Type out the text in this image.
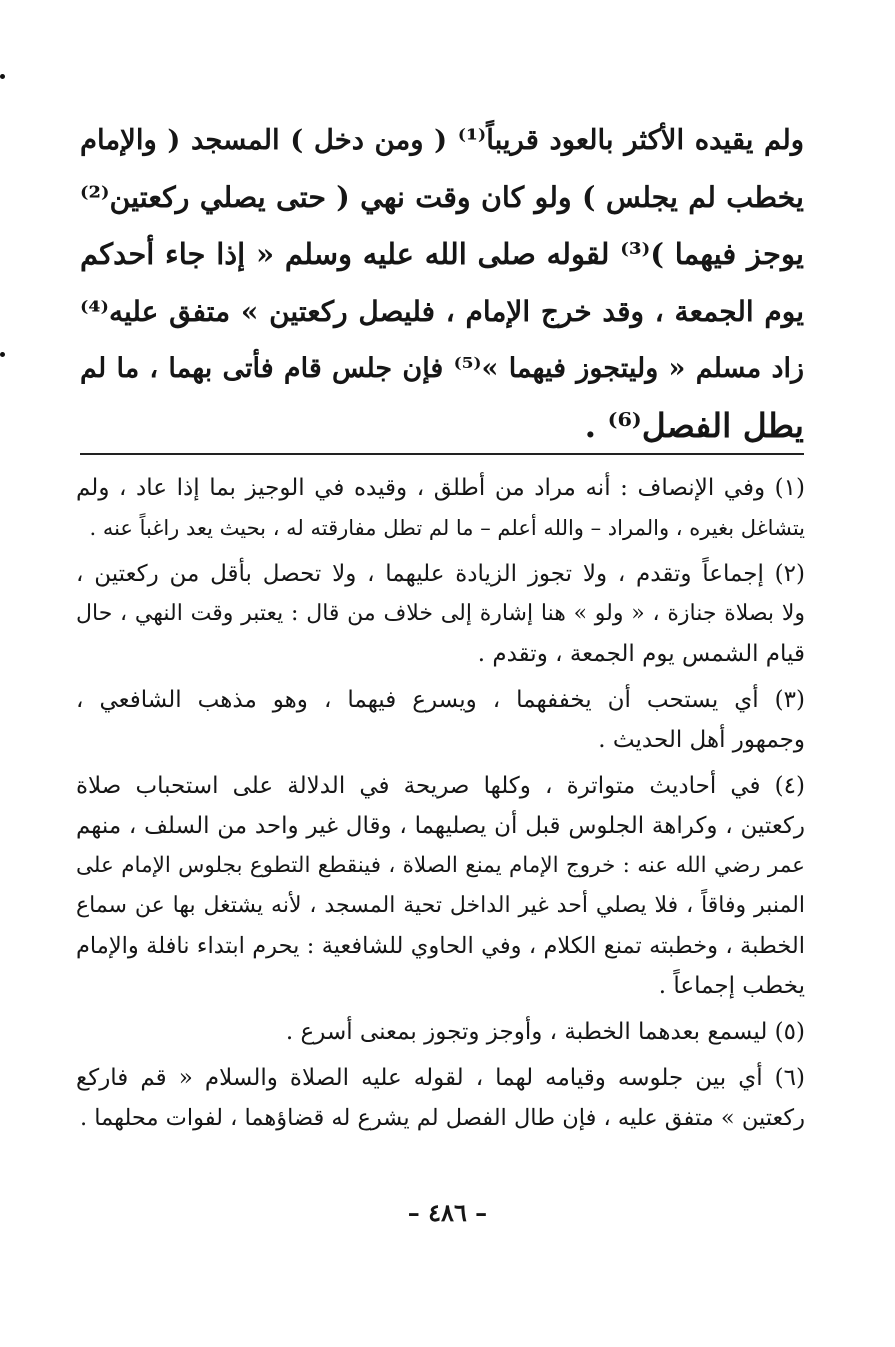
ولم يقيده الأكثر بالعود قريباً⁽¹⁾ ( ومن دخل ) المسجد ( والإمام
يخطب لم يجلس ) ولو كان وقت نهي ( حتى يصلي ركعتين⁽²⁾
يوجز فيهما )⁽³⁾ لقوله صلى الله عليه وسلم « إذا جاء أحدكم
يوم الجمعة ، وقد خرج الإمام ، فليصل ركعتين » متفق عليه⁽⁴⁾
زاد مسلم « وليتجوز فيهما »⁽⁵⁾ فإن جلس قام فأتى بهما ، ما لم
يطل الفصل⁽⁶⁾ .
(١) وفي الإنصاف : أنه مراد من أطلق ، وقيده في الوجيز بما إذا عاد ، ولم
يتشاغل بغيره ، والمراد – والله أعلم – ما لم تطل مفارقته له ، بحيث يعد راغباً عنه .
(٢) إجماعاً وتقدم ، ولا تجوز الزيادة عليهما ، ولا تحصل بأقل من ركعتين ،
ولا بصلاة جنازة ، « ولو » هنا إشارة إلى خلاف من قال : يعتبر وقت النهي ، حال
قيام الشمس يوم الجمعة ، وتقدم .
(٣) أي يستحب أن يخففهما ، ويسرع فيهما ، وهو مذهب الشافعي ،
وجمهور أهل الحديث .
(٤) في أحاديث متواترة ، وكلها صريحة في الدلالة على استحباب صلاة
ركعتين ، وكراهة الجلوس قبل أن يصليهما ، وقال غير واحد من السلف ، منهم
عمر رضي الله عنه : خروج الإمام يمنع الصلاة ، فينقطع التطوع بجلوس الإمام على
المنبر وفاقاً ، فلا يصلي أحد غير الداخل تحية المسجد ، لأنه يشتغل بها عن سماع
الخطبة ، وخطبته تمنع الكلام ، وفي الحاوي للشافعية : يحرم ابتداء نافلة والإمام
يخطب إجماعاً .
(٥) ليسمع بعدهما الخطبة ، وأوجز وتجوز بمعنى أسرع .
(٦) أي بين جلوسه وقيامه لهما ، لقوله عليه الصلاة والسلام « قم فاركع
ركعتين » متفق عليه ، فإن طال الفصل لم يشرع له قضاؤهما ، لفوات محلهما .
– ٤٨٦ –
